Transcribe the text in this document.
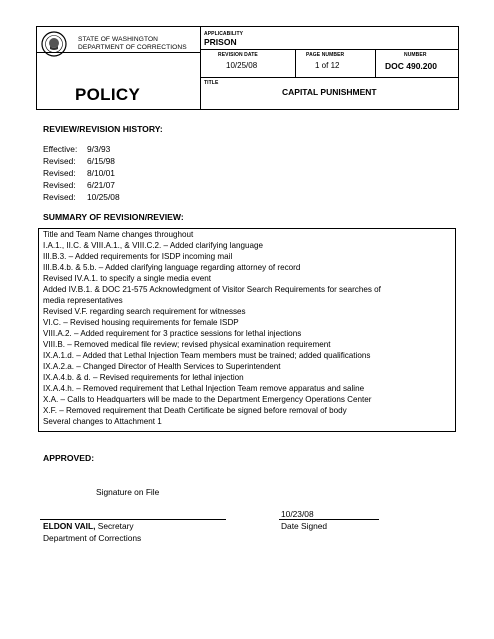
STATE OF WASHINGTON
DEPARTMENT OF CORRECTIONS
POLICY
APPLICABILITY
PRISON
REVISION DATE
10/25/08
PAGE NUMBER
1 of 12
NUMBER
DOC 490.200
TITLE
CAPITAL PUNISHMENT
REVIEW/REVISION HISTORY:
Effective:	9/3/93
Revised:	6/15/98
Revised:	8/10/01
Revised:	6/21/07
Revised:	10/25/08
SUMMARY OF REVISION/REVIEW:
Title and Team Name changes throughout
I.A.1., II.C. & VIII.A.1., & VIII.C.2. – Added clarifying language
III.B.3. – Added requirements for ISDP incoming mail
III.B.4.b. & 5.b. – Added clarifying language regarding attorney of record
Revised IV.A.1. to specify a single media event
Added IV.B.1. & DOC 21-575 Acknowledgment of Visitor Search Requirements for searches of
media representatives
Revised V.F. regarding search requirement for witnesses
VI.C. – Revised housing requirements for female ISDP
VIII.A.2. – Added requirement for 3 practice sessions for lethal injections
VIII.B. – Removed medical file review; revised physical examination requirement
IX.A.1.d. – Added that Lethal Injection Team members must be trained; added qualifications
IX.A.2.a. – Changed Director of Health Services to Superintendent
IX.A.4.b. & d. – Revised requirements for lethal injection
IX.A.4.h. – Removed requirement that Lethal Injection Team remove apparatus and saline
X.A. – Calls to Headquarters will be made to the Department Emergency Operations Center
X.F. – Removed requirement that Death Certificate be signed before removal of body
Several changes to Attachment 1
APPROVED:
Signature on File
10/23/08
ELDON VAIL, Secretary
Department of Corrections
Date Signed
